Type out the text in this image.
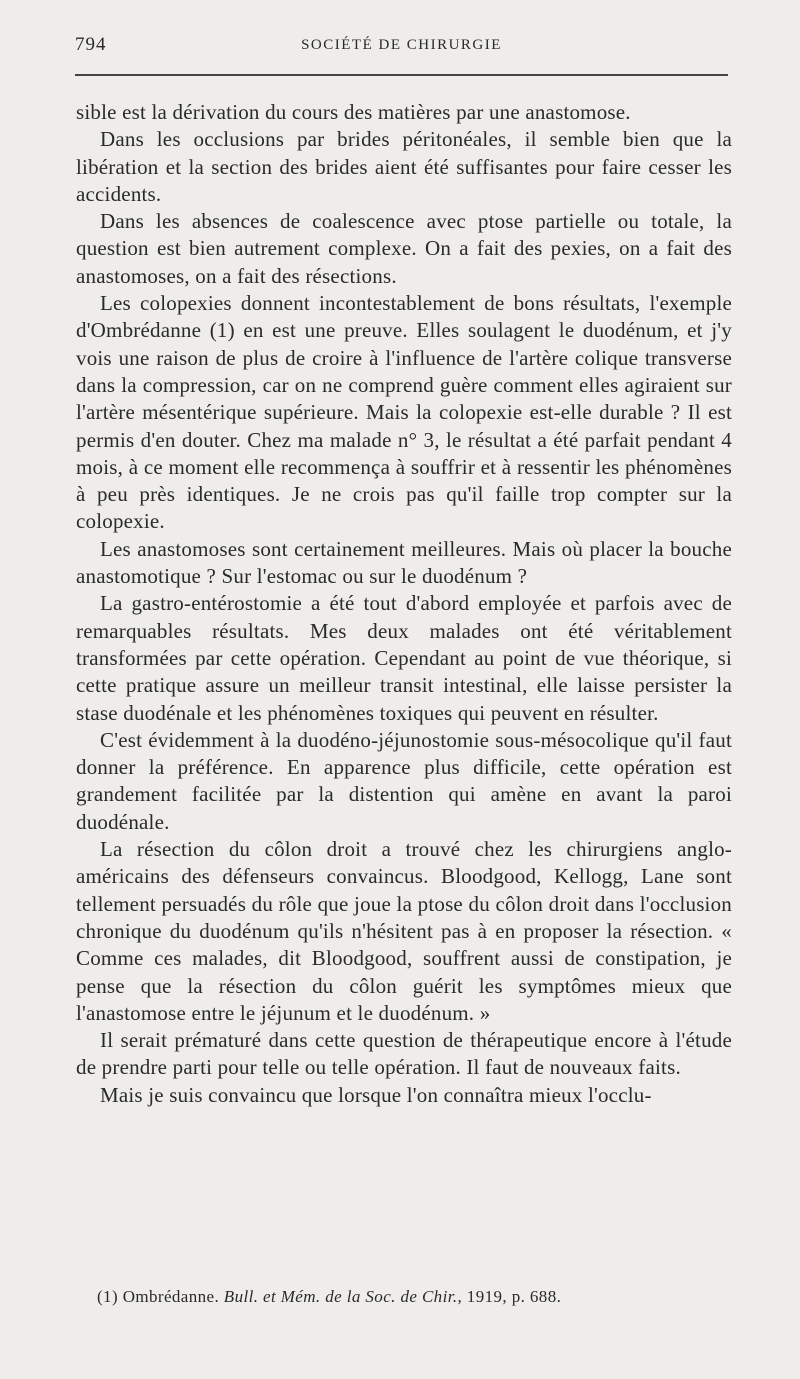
794	SOCIÉTÉ DE CHIRURGIE

sible est la dérivation du cours des matières par une anastomose.

Dans les occlusions par brides péritonéales, il semble bien que la libération et la section des brides aient été suffisantes pour faire cesser les accidents.

Dans les absences de coalescence avec ptose partielle ou totale, la question est bien autrement complexe. On a fait des pexies, on a fait des anastomoses, on a fait des résections.

Les colopexies donnent incontestablement de bons résultats, l'exemple d'Ombrédanne (1) en est une preuve. Elles soulagent le duodénum, et j'y vois une raison de plus de croire à l'influence de l'artère colique transverse dans la compression, car on ne comprend guère comment elles agiraient sur l'artère mésentérique supérieure. Mais la colopexie est-elle durable ? Il est permis d'en douter. Chez ma malade n° 3, le résultat a été parfait pendant 4 mois, à ce moment elle recommença à souffrir et à ressentir les phénomènes à peu près identiques. Je ne crois pas qu'il faille trop compter sur la colopexie.

Les anastomoses sont certainement meilleures. Mais où placer la bouche anastomotique ? Sur l'estomac ou sur le duodénum ?

La gastro-entérostomie a été tout d'abord employée et parfois avec de remarquables résultats. Mes deux malades ont été véritablement transformées par cette opération. Cependant au point de vue théorique, si cette pratique assure un meilleur transit intestinal, elle laisse persister la stase duodénale et les phénomènes toxiques qui peuvent en résulter.

C'est évidemment à la duodéno-jéjunostomie sous-mésocolique qu'il faut donner la préférence. En apparence plus difficile, cette opération est grandement facilitée par la distention qui amène en avant la paroi duodénale.

La résection du côlon droit a trouvé chez les chirurgiens anglo-américains des défenseurs convaincus. Bloodgood, Kellogg, Lane sont tellement persuadés du rôle que joue la ptose du côlon droit dans l'occlusion chronique du duodénum qu'ils n'hésitent pas à en proposer la résection. « Comme ces malades, dit Bloodgood, souffrent aussi de constipation, je pense que la résection du côlon guérit les symptômes mieux que l'anastomose entre le jéjunum et le duodénum. »

Il serait prématuré dans cette question de thérapeutique encore à l'étude de prendre parti pour telle ou telle opération. Il faut de nouveaux faits.

Mais je suis convaincu que lorsque l'on connaîtra mieux l'occlu-

(1) Ombrédanne. Bull. et Mém. de la Soc. de Chir., 1919, p. 688.
